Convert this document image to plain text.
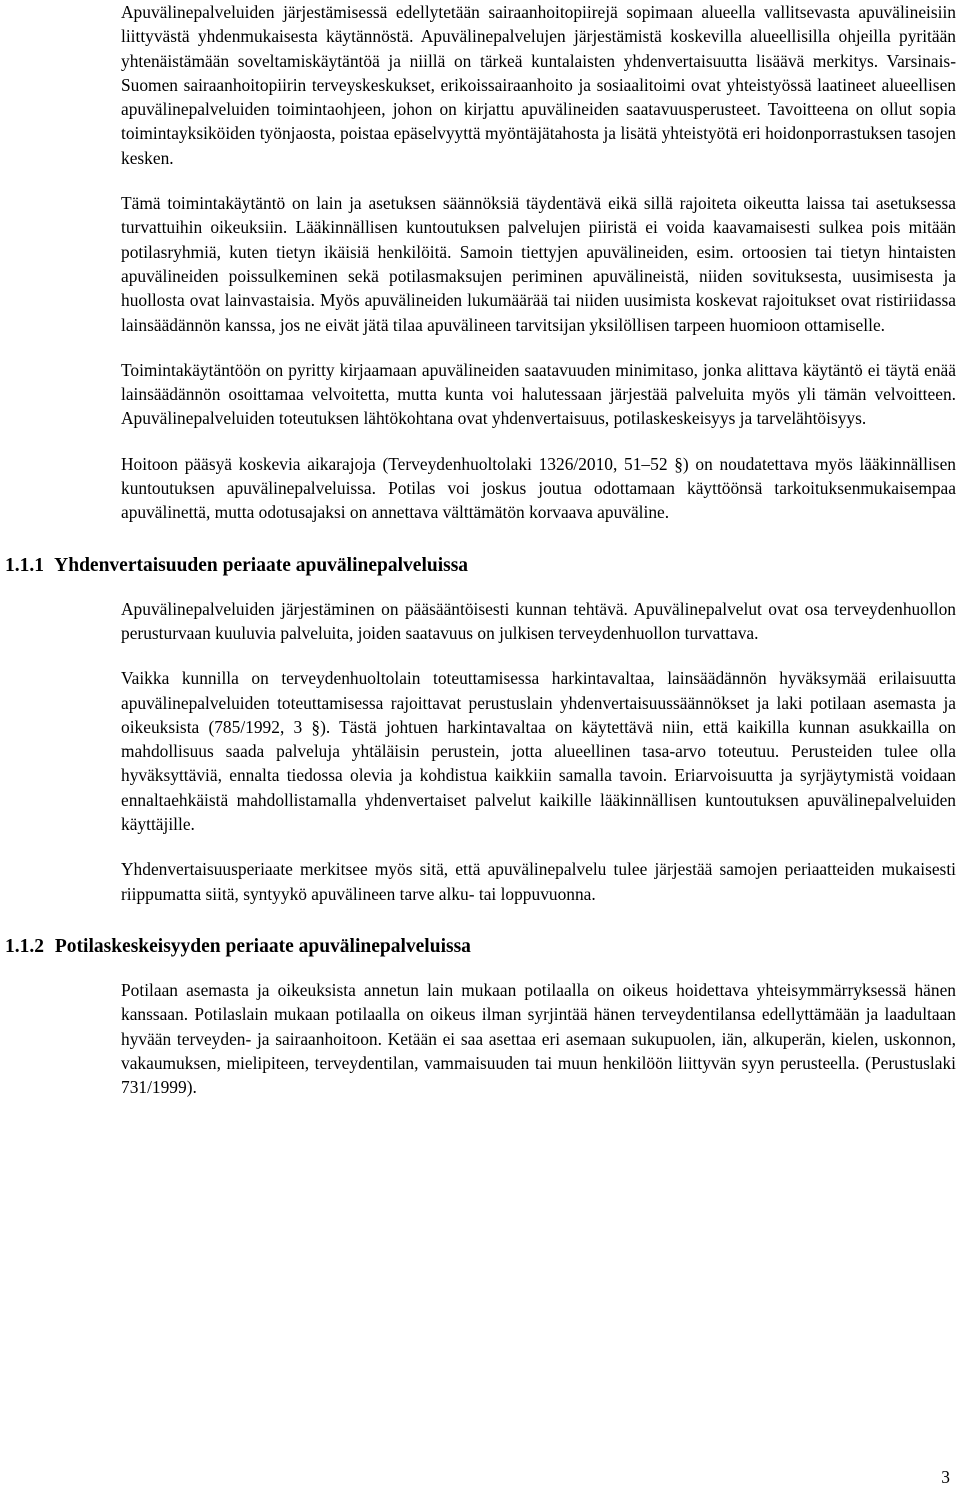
Apuvälinepalveluiden järjestämisessä edellytetään sairaanhoitopiirejä sopimaan alueella vallitsevasta apuvälineisiin liittyvästä yhdenmukaisesta käytännöstä. Apuvälinepalvelujen järjestämistä koskevilla alueellisilla ohjeilla pyritään yhtenäistämään soveltamiskäytäntöä ja niillä on tärkeä kuntalaisten yhdenvertaisuutta lisäävä merkitys. Varsinais-Suomen sairaanhoitopiirin terveyskeskukset, erikoissairaanhoito ja sosiaalitoimi ovat yhteistyössä laatineet alueellisen apuvälinepalveluiden toimintaohjeen, johon on kirjattu apuvälineiden saatavuusperusteet. Tavoitteena on ollut sopia toimintayksiköiden työnjaosta, poistaa epäselvyyttä myöntäjätahosta ja lisätä yhteistyötä eri hoidonporrastuksen tasojen kesken.

Tämä toimintakäytäntö on lain ja asetuksen säännöksiä täydentävä eikä sillä rajoiteta oikeutta laissa tai asetuksessa turvattuihin oikeuksiin. Lääkinnällisen kuntoutuksen palvelujen piiristä ei voida kaavamaisesti sulkea pois mitään potilasryhmiä, kuten tietyn ikäisiä henkilöitä. Samoin tiettyjen apuvälineiden, esim. ortoosien tai tietyn hintaisten apuvälineiden poissulkeminen sekä potilasmaksujen periminen apuvälineistä, niiden sovituksesta, uusimisesta ja huollosta ovat lainvastaisia. Myös apuvälineiden lukumäärää tai niiden uusimista koskevat rajoitukset ovat ristiriidassa lainsäädännön kanssa, jos ne eivät jätä tilaa apuvälineen tarvitsijan yksilöllisen tarpeen huomioon ottamiselle.

Toimintakäytäntöön on pyritty kirjaamaan apuvälineiden saatavuuden minimitaso, jonka alittava käytäntö ei täytä enää lainsäädännön osoittamaa velvoitetta, mutta kunta voi halutessaan järjestää palveluita myös yli tämän velvoitteen. Apuvälinepalveluiden toteutuksen lähtökohtana ovat yhdenvertaisuus, potilaskeskeisyys ja tarvelähtöisyys.

Hoitoon pääsyä koskevia aikarajoja (Terveydenhuoltolaki 1326/2010, 51–52 §) on noudatettava myös lääkinnällisen kuntoutuksen apuvälinepalveluissa. Potilas voi joskus joutua odottamaan käyttöönsä tarkoituksenmukaisempaa apuvälinettä, mutta odotusajaksi on annettava välttämätön korvaava apuväline.

1.1.1 Yhdenvertaisuuden periaate apuvälinepalveluissa

Apuvälinepalveluiden järjestäminen on pääsääntöisesti kunnan tehtävä. Apuvälinepalvelut ovat osa terveydenhuollon perusturvaan kuuluvia palveluita, joiden saatavuus on julkisen terveydenhuollon turvattava.

Vaikka kunnilla on terveydenhuoltolain toteuttamisessa harkintavaltaa, lainsäädännön hyväksymää erilaisuutta apuvälinepalveluiden toteuttamisessa rajoittavat perustuslain yhdenvertaisuussäännökset ja laki potilaan asemasta ja oikeuksista (785/1992, 3 §). Tästä johtuen harkintavaltaa on käytettävä niin, että kaikilla kunnan asukkailla on mahdollisuus saada palveluja yhtäläisin perustein, jotta alueellinen tasa-arvo toteutuu. Perusteiden tulee olla hyväksyttäviä, ennalta tiedossa olevia ja kohdistua kaikkiin samalla tavoin. Eriarvoisuutta ja syrjäytymistä voidaan ennaltaehkäistä mahdollistamalla yhdenvertaiset palvelut kaikille lääkinnällisen kuntoutuksen apuvälinepalveluiden käyttäjille.

Yhdenvertaisuusperiaate merkitsee myös sitä, että apuvälinepalvelu tulee järjestää samojen periaatteiden mukaisesti riippumatta siitä, syntyykö apuvälineen tarve alku- tai loppuvuonna.

1.1.2 Potilaskeskeisyyden periaate apuvälinepalveluissa

Potilaan asemasta ja oikeuksista annetun lain mukaan potilaalla on oikeus hoidettava yhteisymmärryksessä hänen kanssaan. Potilaslain mukaan potilaalla on oikeus ilman syrjintää hänen terveydentilansa edellyttämään ja laadultaan hyvään terveyden- ja sairaanhoitoon. Ketään ei saa asettaa eri asemaan sukupuolen, iän, alkuperän, kielen, uskonnon, vakaumuksen, mielipiteen, terveydentilan, vammaisuuden tai muun henkilöön liittyvän syyn perusteella. (Perustuslaki 731/1999).

3
